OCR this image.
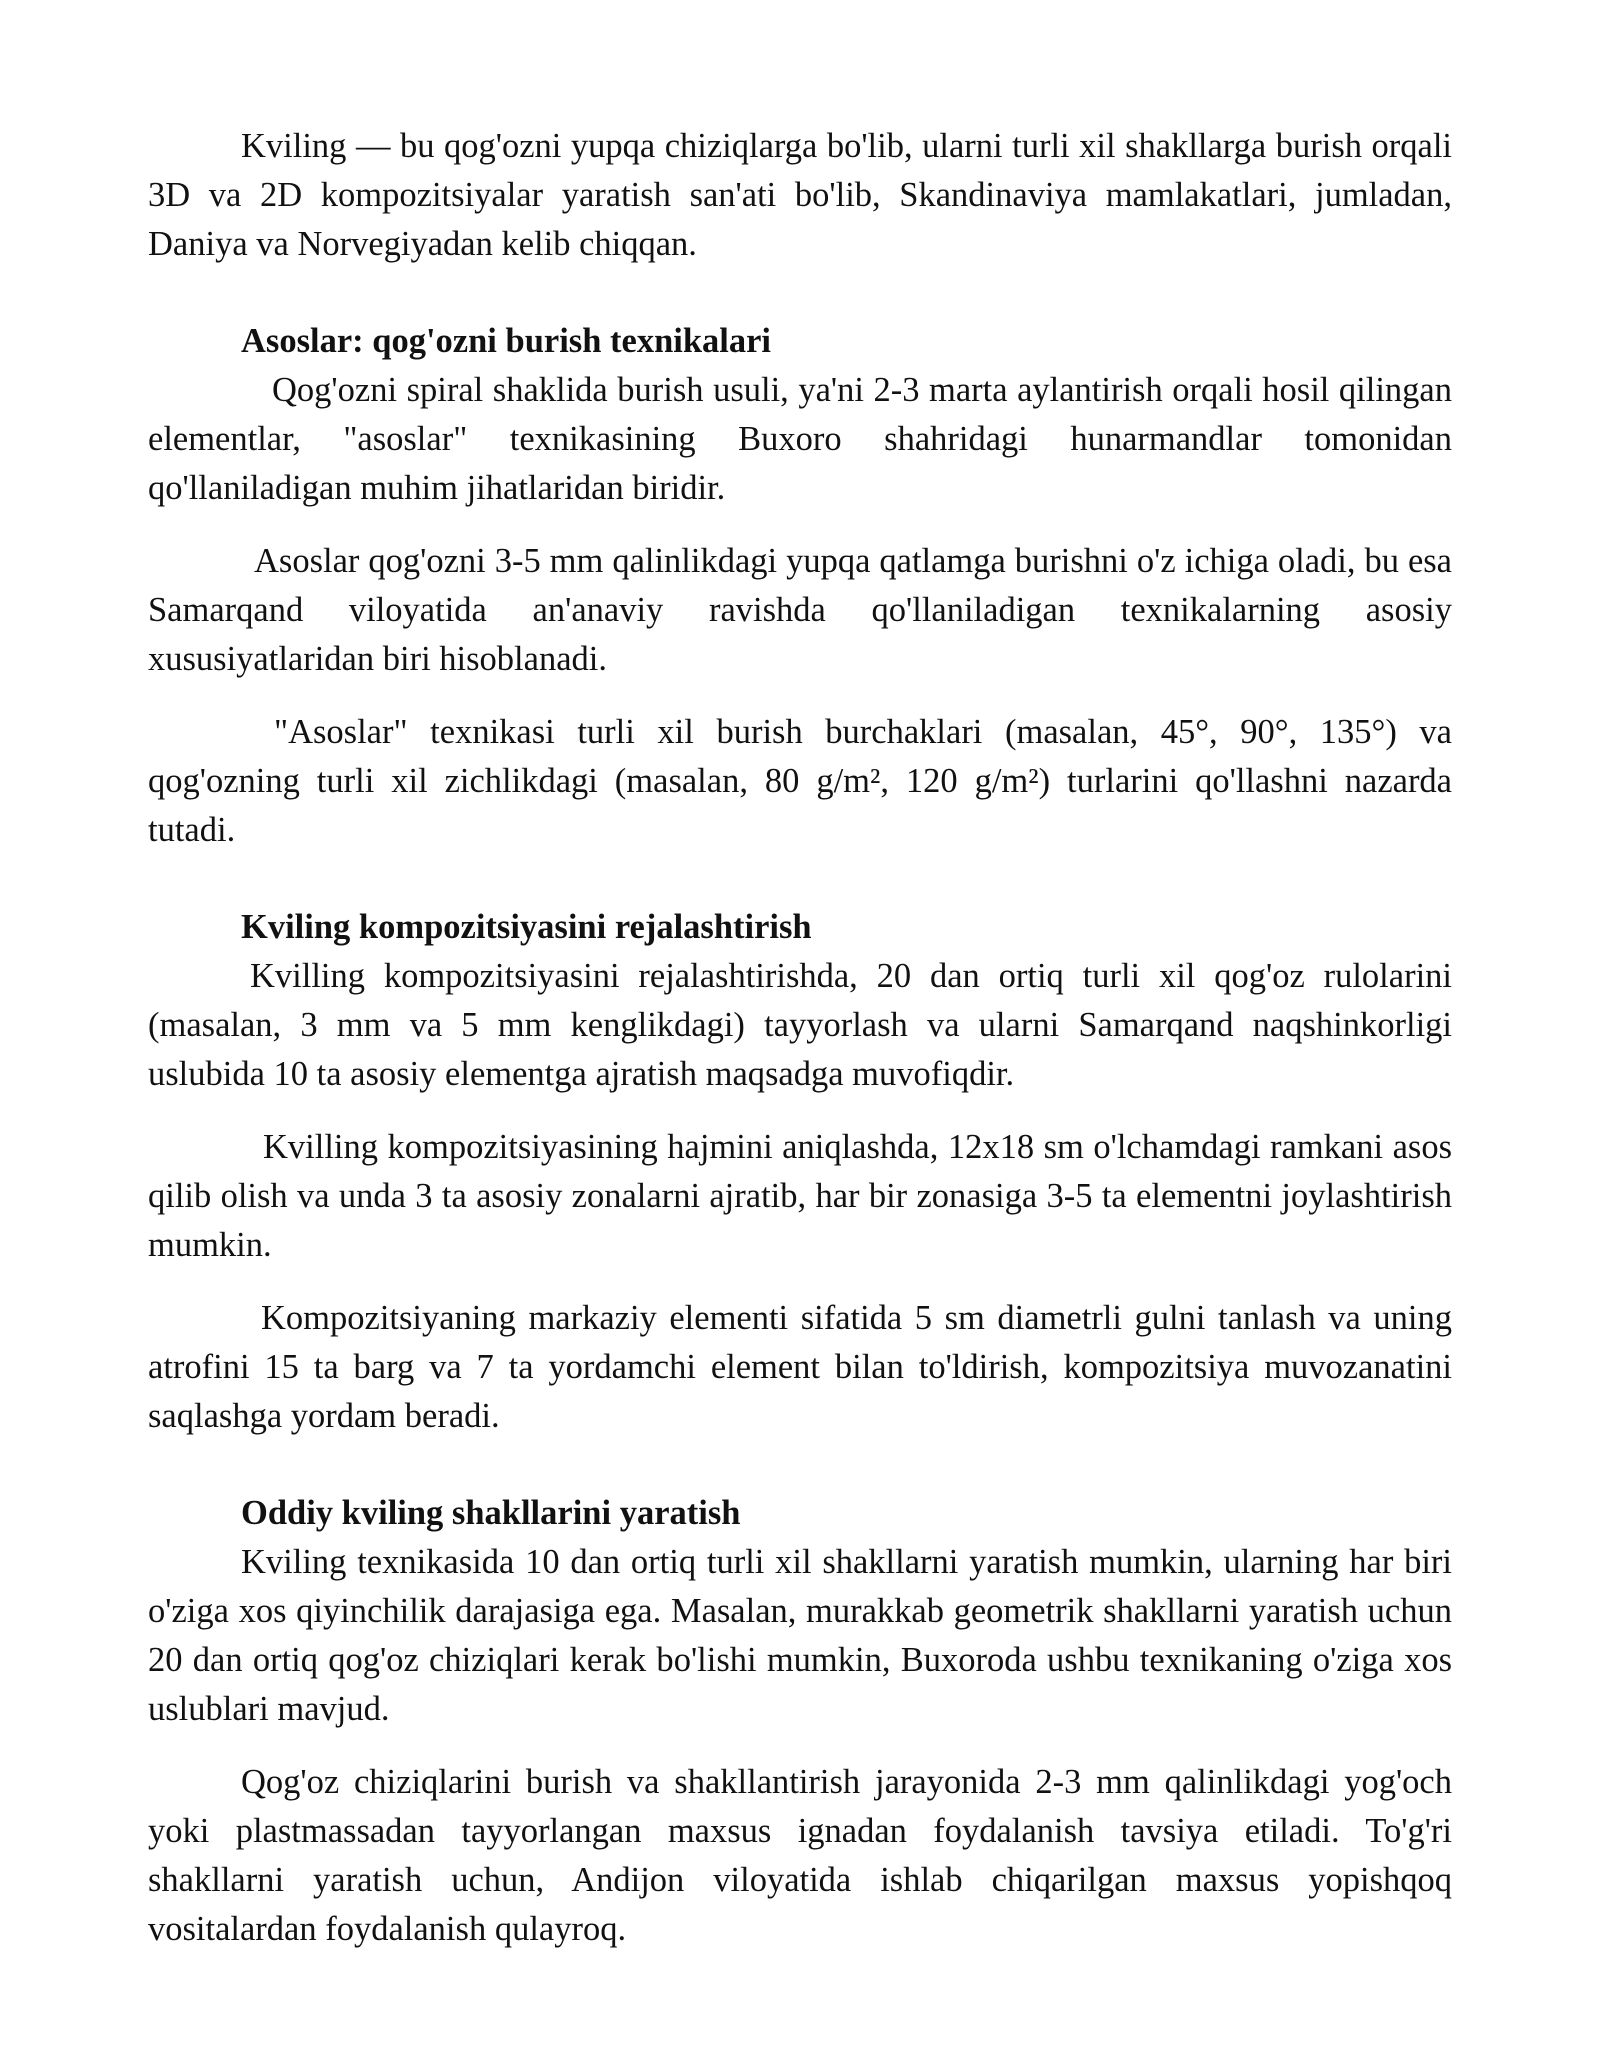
Kviling — bu qog'ozni yupqa chiziqlarga bo'lib, ularni turli xil shakllarga burish orqali 3D va 2D kompozitsiyalar yaratish san'ati bo'lib, Skandinaviya mamlakatlari, jumladan, Daniya va Norvegiyadan kelib chiqqan.

Asoslar: qog'ozni burish texnikalari

Qog'ozni spiral shaklida burish usuli, ya'ni 2-3 marta aylantirish orqali hosil qilingan elementlar, "asoslar" texnikasining Buxoro shahridagi hunarmandlar tomonidan qo'llaniladigan muhim jihatlaridan biridir.

Asoslar qog'ozni 3-5 mm qalinlikdagi yupqa qatlamga burishni o'z ichiga oladi, bu esa Samarqand viloyatida an'anaviy ravishda qo'llaniladigan texnikalarning asosiy xususiyatlaridan biri hisoblanadi.

"Asoslar" texnikasi turli xil burish burchaklari (masalan, 45°, 90°, 135°) va qog'ozning turli xil zichlikdagi (masalan, 80 g/m², 120 g/m²) turlarini qo'llashni nazarda tutadi.

Kviling kompozitsiyasini rejalashtirish

Kvilling kompozitsiyasini rejalashtirishda, 20 dan ortiq turli xil qog'oz rulolarini (masalan, 3 mm va 5 mm kenglikdagi) tayyorlash va ularni Samarqand naqshinkorligi uslubida 10 ta asosiy elementga ajratish maqsadga muvofiqdir.

Kvilling kompozitsiyasining hajmini aniqlashda, 12x18 sm o'lchamdagi ramkani asos qilib olish va unda 3 ta asosiy zonalarni ajratib, har bir zonasiga 3-5 ta elementni joylashtirish mumkin.

Kompozitsiyaning markaziy elementi sifatida 5 sm diametrli gulni tanlash va uning atrofini 15 ta barg va 7 ta yordamchi element bilan to'ldirish, kompozitsiya muvozanatini saqlashga yordam beradi.

Oddiy kviling shakllarini yaratish

Kviling texnikasida 10 dan ortiq turli xil shakllarni yaratish mumkin, ularning har biri o'ziga xos qiyinchilik darajasiga ega. Masalan, murakkab geometrik shakllarni yaratish uchun 20 dan ortiq qog'oz chiziqlari kerak bo'lishi mumkin, Buxoroda ushbu texnikaning o'ziga xos uslublari mavjud.

Qog'oz chiziqlarini burish va shakllantirish jarayonida 2-3 mm qalinlikdagi yog'och yoki plastmassadan tayyorlangan maxsus ignadan foydalanish tavsiya etiladi. To'g'ri shakllarni yaratish uchun, Andijon viloyatida ishlab chiqarilgan maxsus yopishqoq vositalardan foydalanish qulayroq.
